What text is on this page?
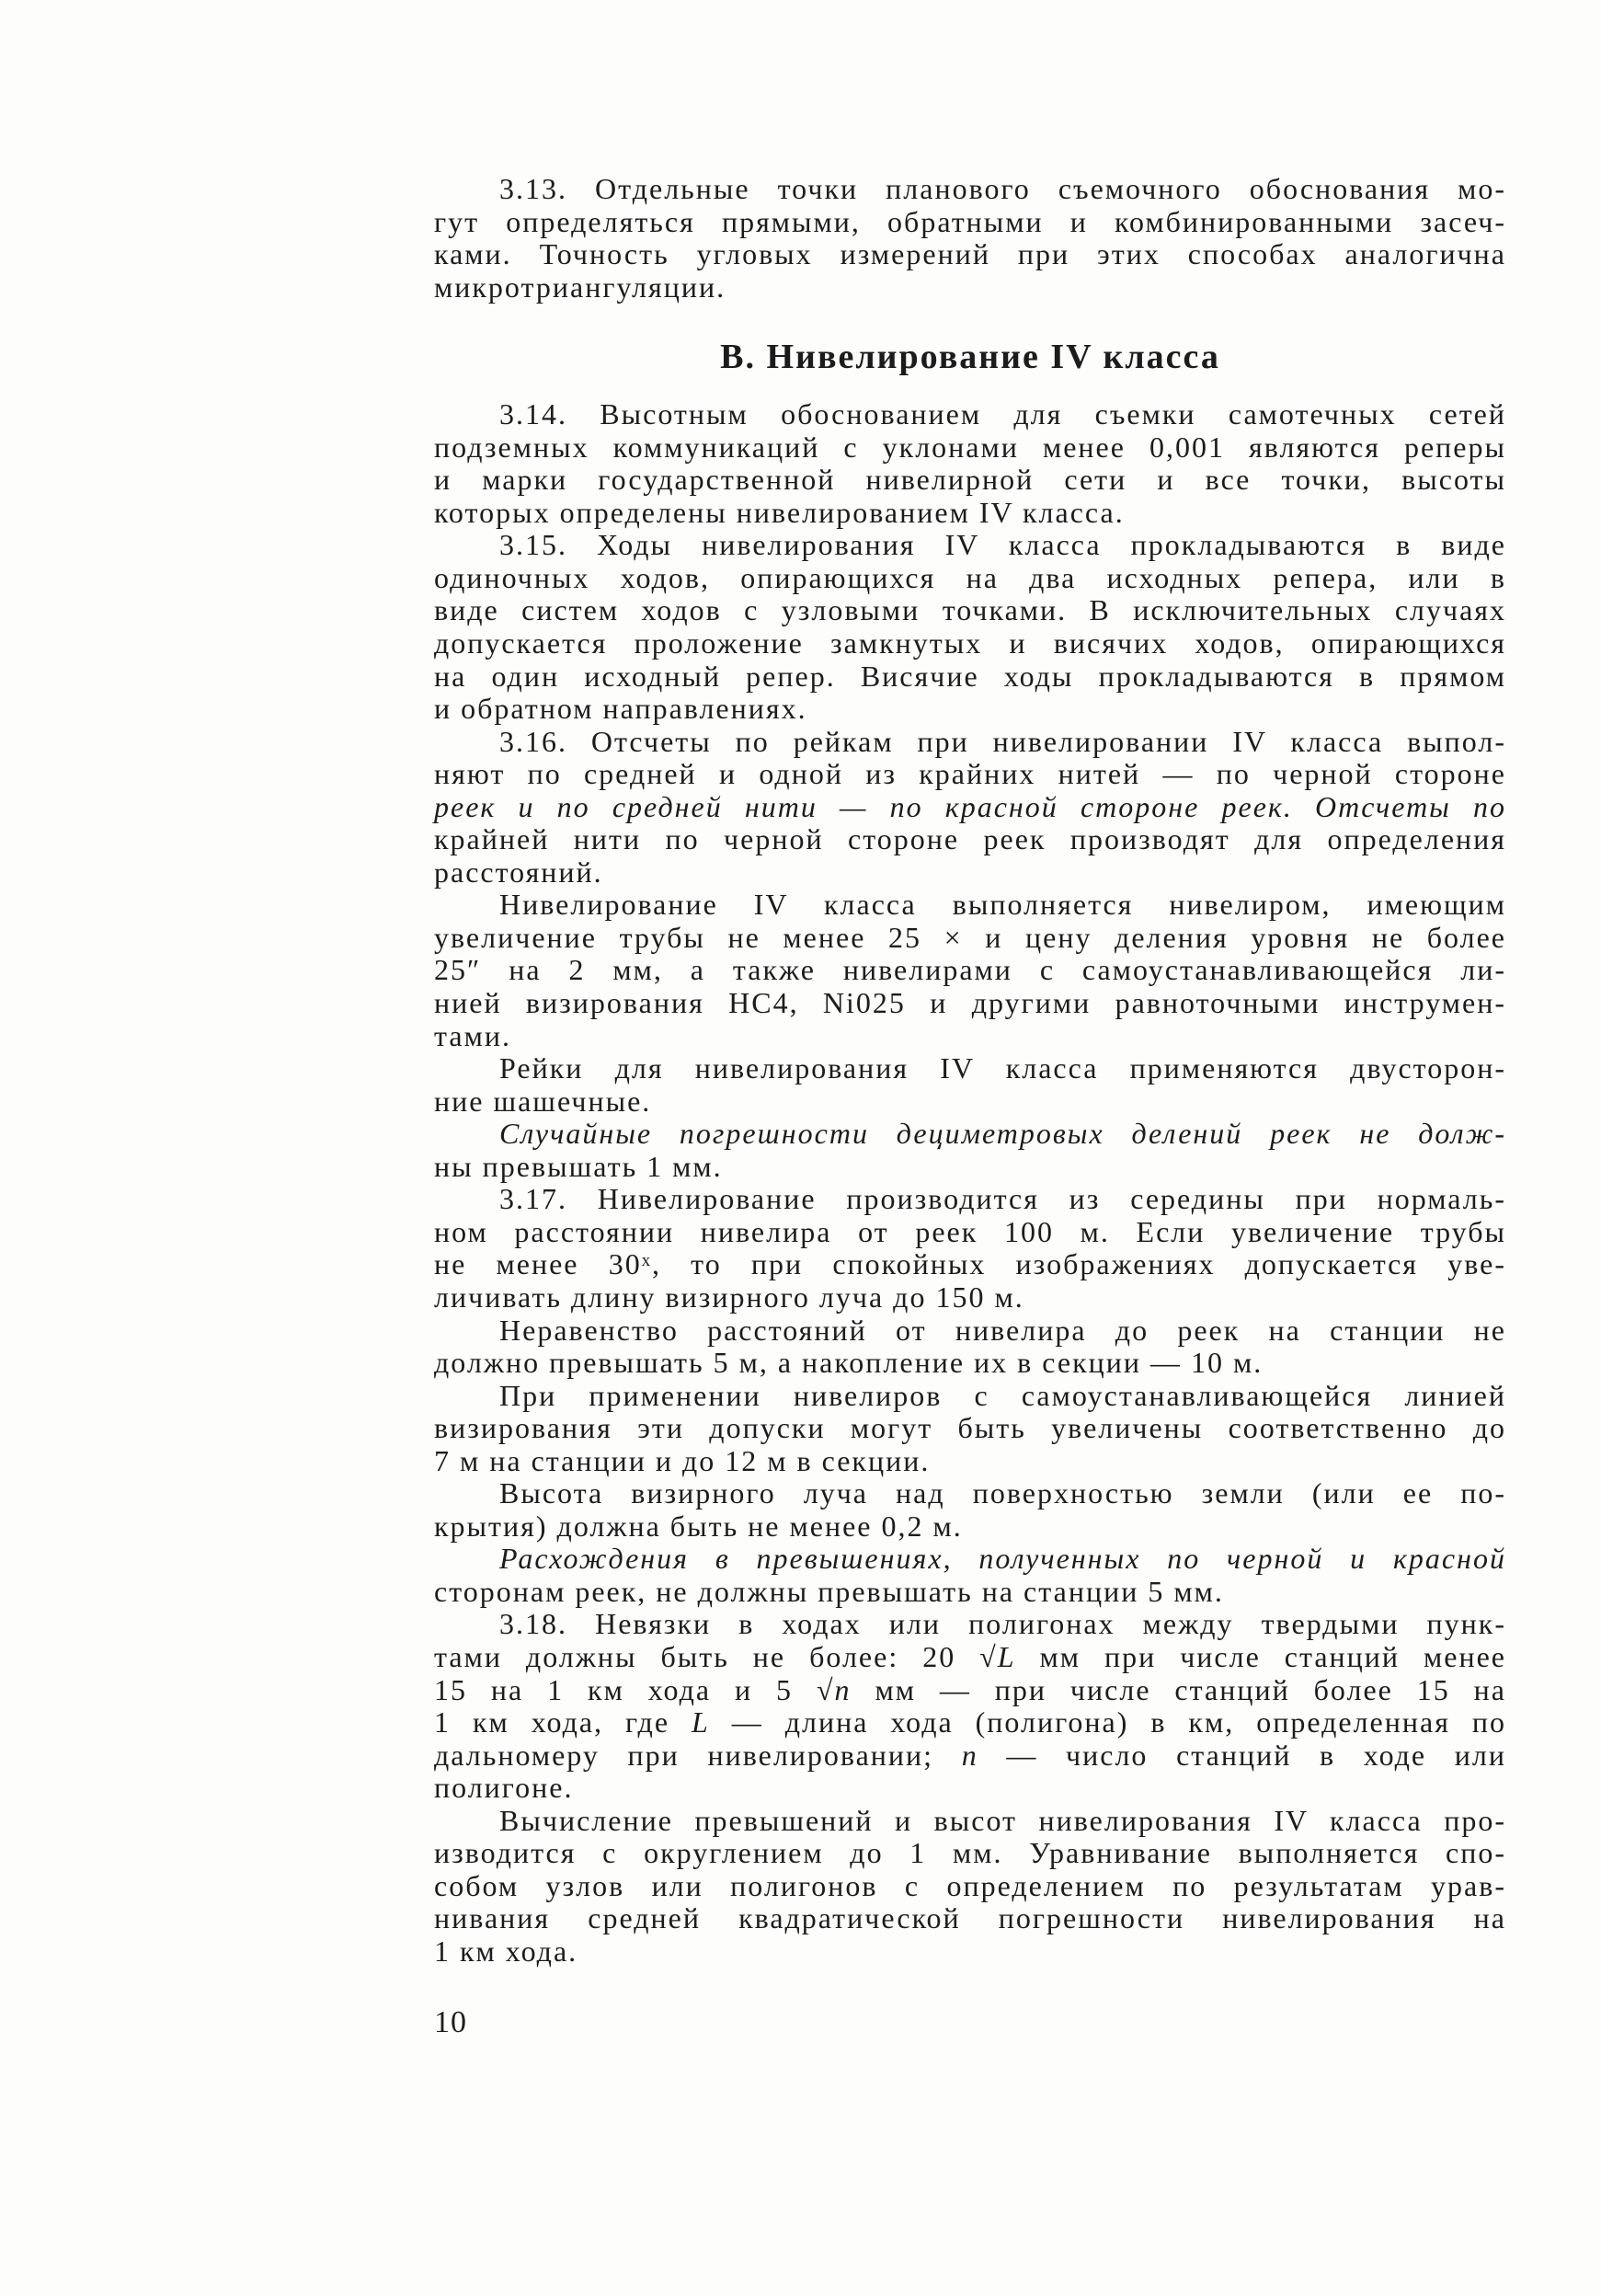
3.13. Отдельные точки планового съемочного обоснования мо-
гут определяться прямыми, обратными и комбинированными засеч-
ками. Точность угловых измерений при этих способах аналогична
микротриангуляции.
В. Нивелирование IV класса
3.14. Высотным обоснованием для съемки самотечных сетей
подземных коммуникаций с уклонами менее 0,001 являются реперы
и марки государственной нивелирной сети и все точки, высоты
которых определены нивелированием IV класса.
3.15. Ходы нивелирования IV класса прокладываются в виде
одиночных ходов, опирающихся на два исходных репера, или в
виде систем ходов с узловыми точками. В исключительных случаях
допускается проложение замкнутых и висячих ходов, опирающихся
на один исходный репер. Висячие ходы прокладываются в прямом
и обратном направлениях.
3.16. Отсчеты по рейкам при нивелировании IV класса выпол-
няют по средней и одной из крайних нитей — по черной стороне
реек и по средней нити — по красной стороне реек. Отсчеты по
крайней нити по черной стороне реек производят для определения
расстояний.
Нивелирование IV класса выполняется нивелиром, имеющим
увеличение трубы не менее 25 × и цену деления уровня не более
25″ на 2 мм, а также нивелирами с самоустанавливающейся ли-
нией визирования НС4, Ni025 и другими равноточными инструмен-
тами.
Рейки для нивелирования IV класса применяются двусторон-
ние шашечные.
Случайные погрешности дециметровых делений реек не долж-
ны превышать 1 мм.
3.17. Нивелирование производится из середины при нормаль-
ном расстоянии нивелира от реек 100 м. Если увеличение трубы
не менее 30ˣ, то при спокойных изображениях допускается уве-
личивать длину визирного луча до 150 м.
Неравенство расстояний от нивелира до реек на станции не
должно превышать 5 м, а накопление их в секции — 10 м.
При применении нивелиров с самоустанавливающейся линией
визирования эти допуски могут быть увеличены соответственно до
7 м на станции и до 12 м в секции.
Высота визирного луча над поверхностью земли (или ее по-
крытия) должна быть не менее 0,2 м.
Расхождения в превышениях, полученных по черной и красной
сторонам реек, не должны превышать на станции 5 мм.
3.18. Невязки в ходах или полигонах между твердыми пунк-
тами должны быть не более: 20 √L мм при числе станций менее
15 на 1 км хода и 5 √n мм — при числе станций более 15 на
1 км хода, где L — длина хода (полигона) в км, определенная по
дальномеру при нивелировании; n — число станций в ходе или
полигоне.
Вычисление превышений и высот нивелирования IV класса про-
изводится с округлением до 1 мм. Уравнивание выполняется спо-
собом узлов или полигонов с определением по результатам урав-
нивания средней квадратической погрешности нивелирования на
1 км хода.
10
